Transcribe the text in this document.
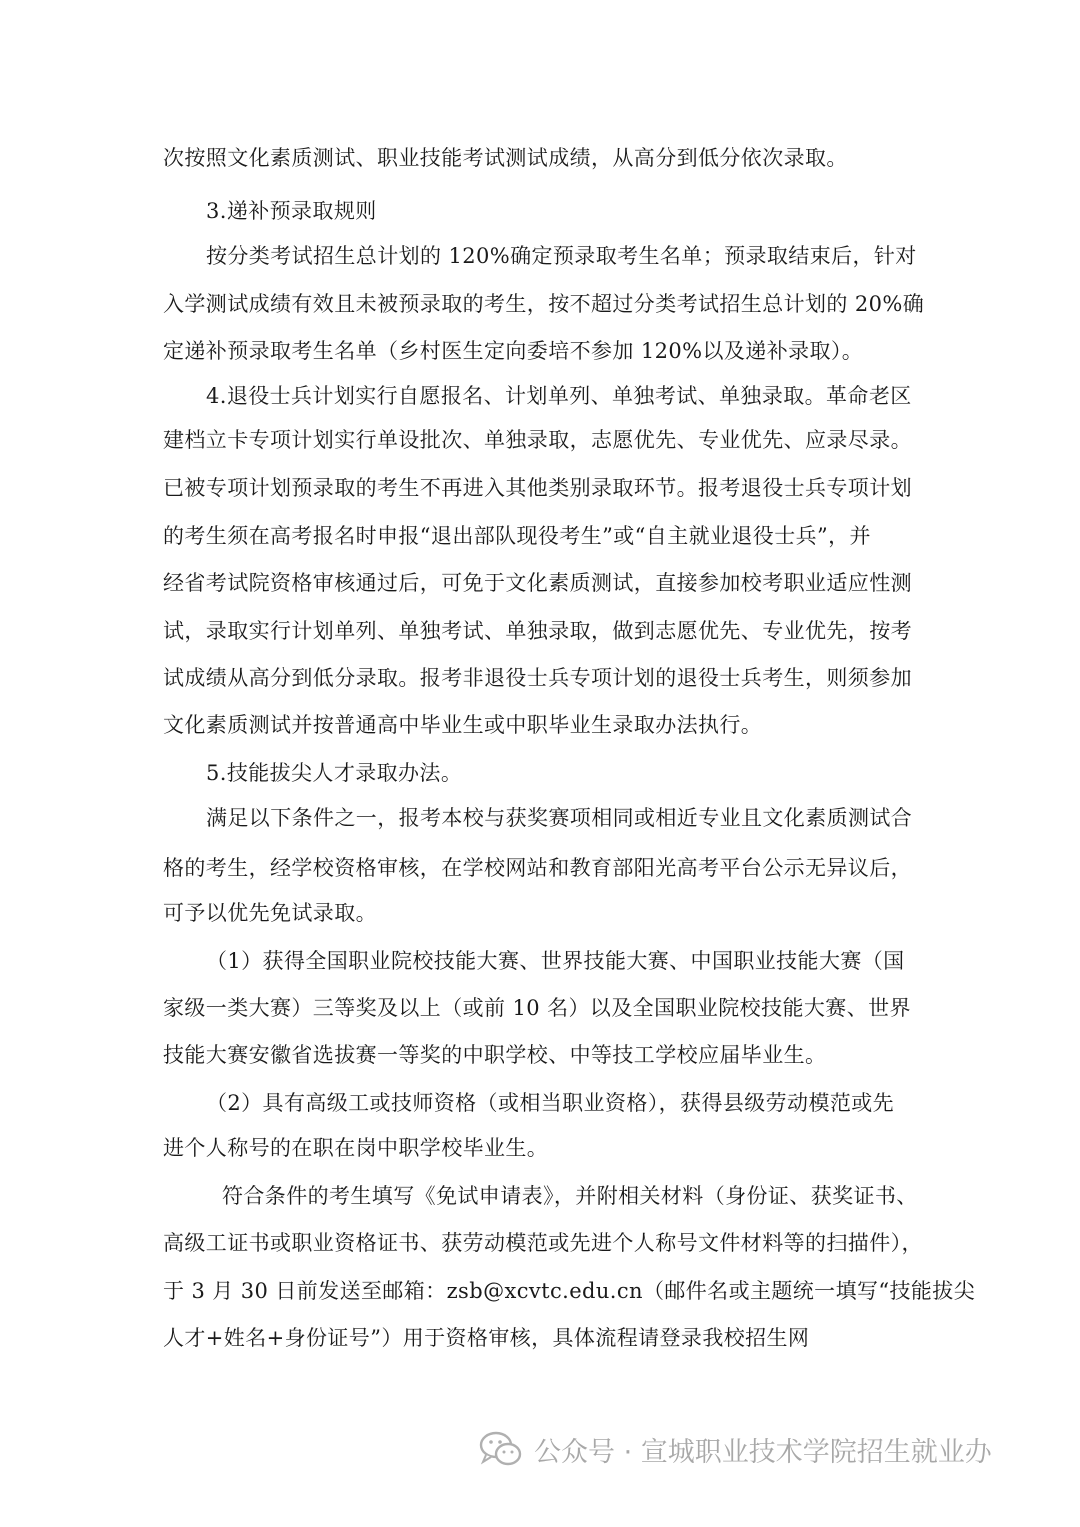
次按照文化素质测试、职业技能考试测试成绩，从高分到低分依次录取。
3.递补预录取规则
按分类考试招生总计划的 120%确定预录取考生名单；预录取结束后，针对
入学测试成绩有效且未被预录取的考生，按不超过分类考试招生总计划的 20%确
定递补预录取考生名单（乡村医生定向委培不参加 120%以及递补录取）。
4.退役士兵计划实行自愿报名、计划单列、单独考试、单独录取。革命老区
建档立卡专项计划实行单设批次、单独录取，志愿优先、专业优先、应录尽录。
已被专项计划预录取的考生不再进入其他类别录取环节。报考退役士兵专项计划
的考生须在高考报名时申报“退出部队现役考生”或“自主就业退役士兵”，并
经省考试院资格审核通过后，可免于文化素质测试，直接参加校考职业适应性测
试，录取实行计划单列、单独考试、单独录取，做到志愿优先、专业优先，按考
试成绩从高分到低分录取。报考非退役士兵专项计划的退役士兵考生，则须参加
文化素质测试并按普通高中毕业生或中职毕业生录取办法执行。
5.技能拔尖人才录取办法。
满足以下条件之一，报考本校与获奖赛项相同或相近专业且文化素质测试合
格的考生，经学校资格审核，在学校网站和教育部阳光高考平台公示无异议后，
可予以优先免试录取。
（1）获得全国职业院校技能大赛、世界技能大赛、中国职业技能大赛（国
家级一类大赛）三等奖及以上（或前 10 名）以及全国职业院校技能大赛、世界
技能大赛安徽省选拔赛一等奖的中职学校、中等技工学校应届毕业生。
（2）具有高级工或技师资格（或相当职业资格），获得县级劳动模范或先
进个人称号的在职在岗中职学校毕业生。
符合条件的考生填写《免试申请表》，并附相关材料（身份证、获奖证书、
高级工证书或职业资格证书、获劳动模范或先进个人称号文件材料等的扫描件），
于 3 月 30 日前发送至邮箱：zsb@xcvtc.edu.cn（邮件名或主题统一填写“技能拔尖
人才+姓名+身份证号”）用于资格审核，具体流程请登录我校招生网
公众号 · 宣城职业技术学院招生就业办
